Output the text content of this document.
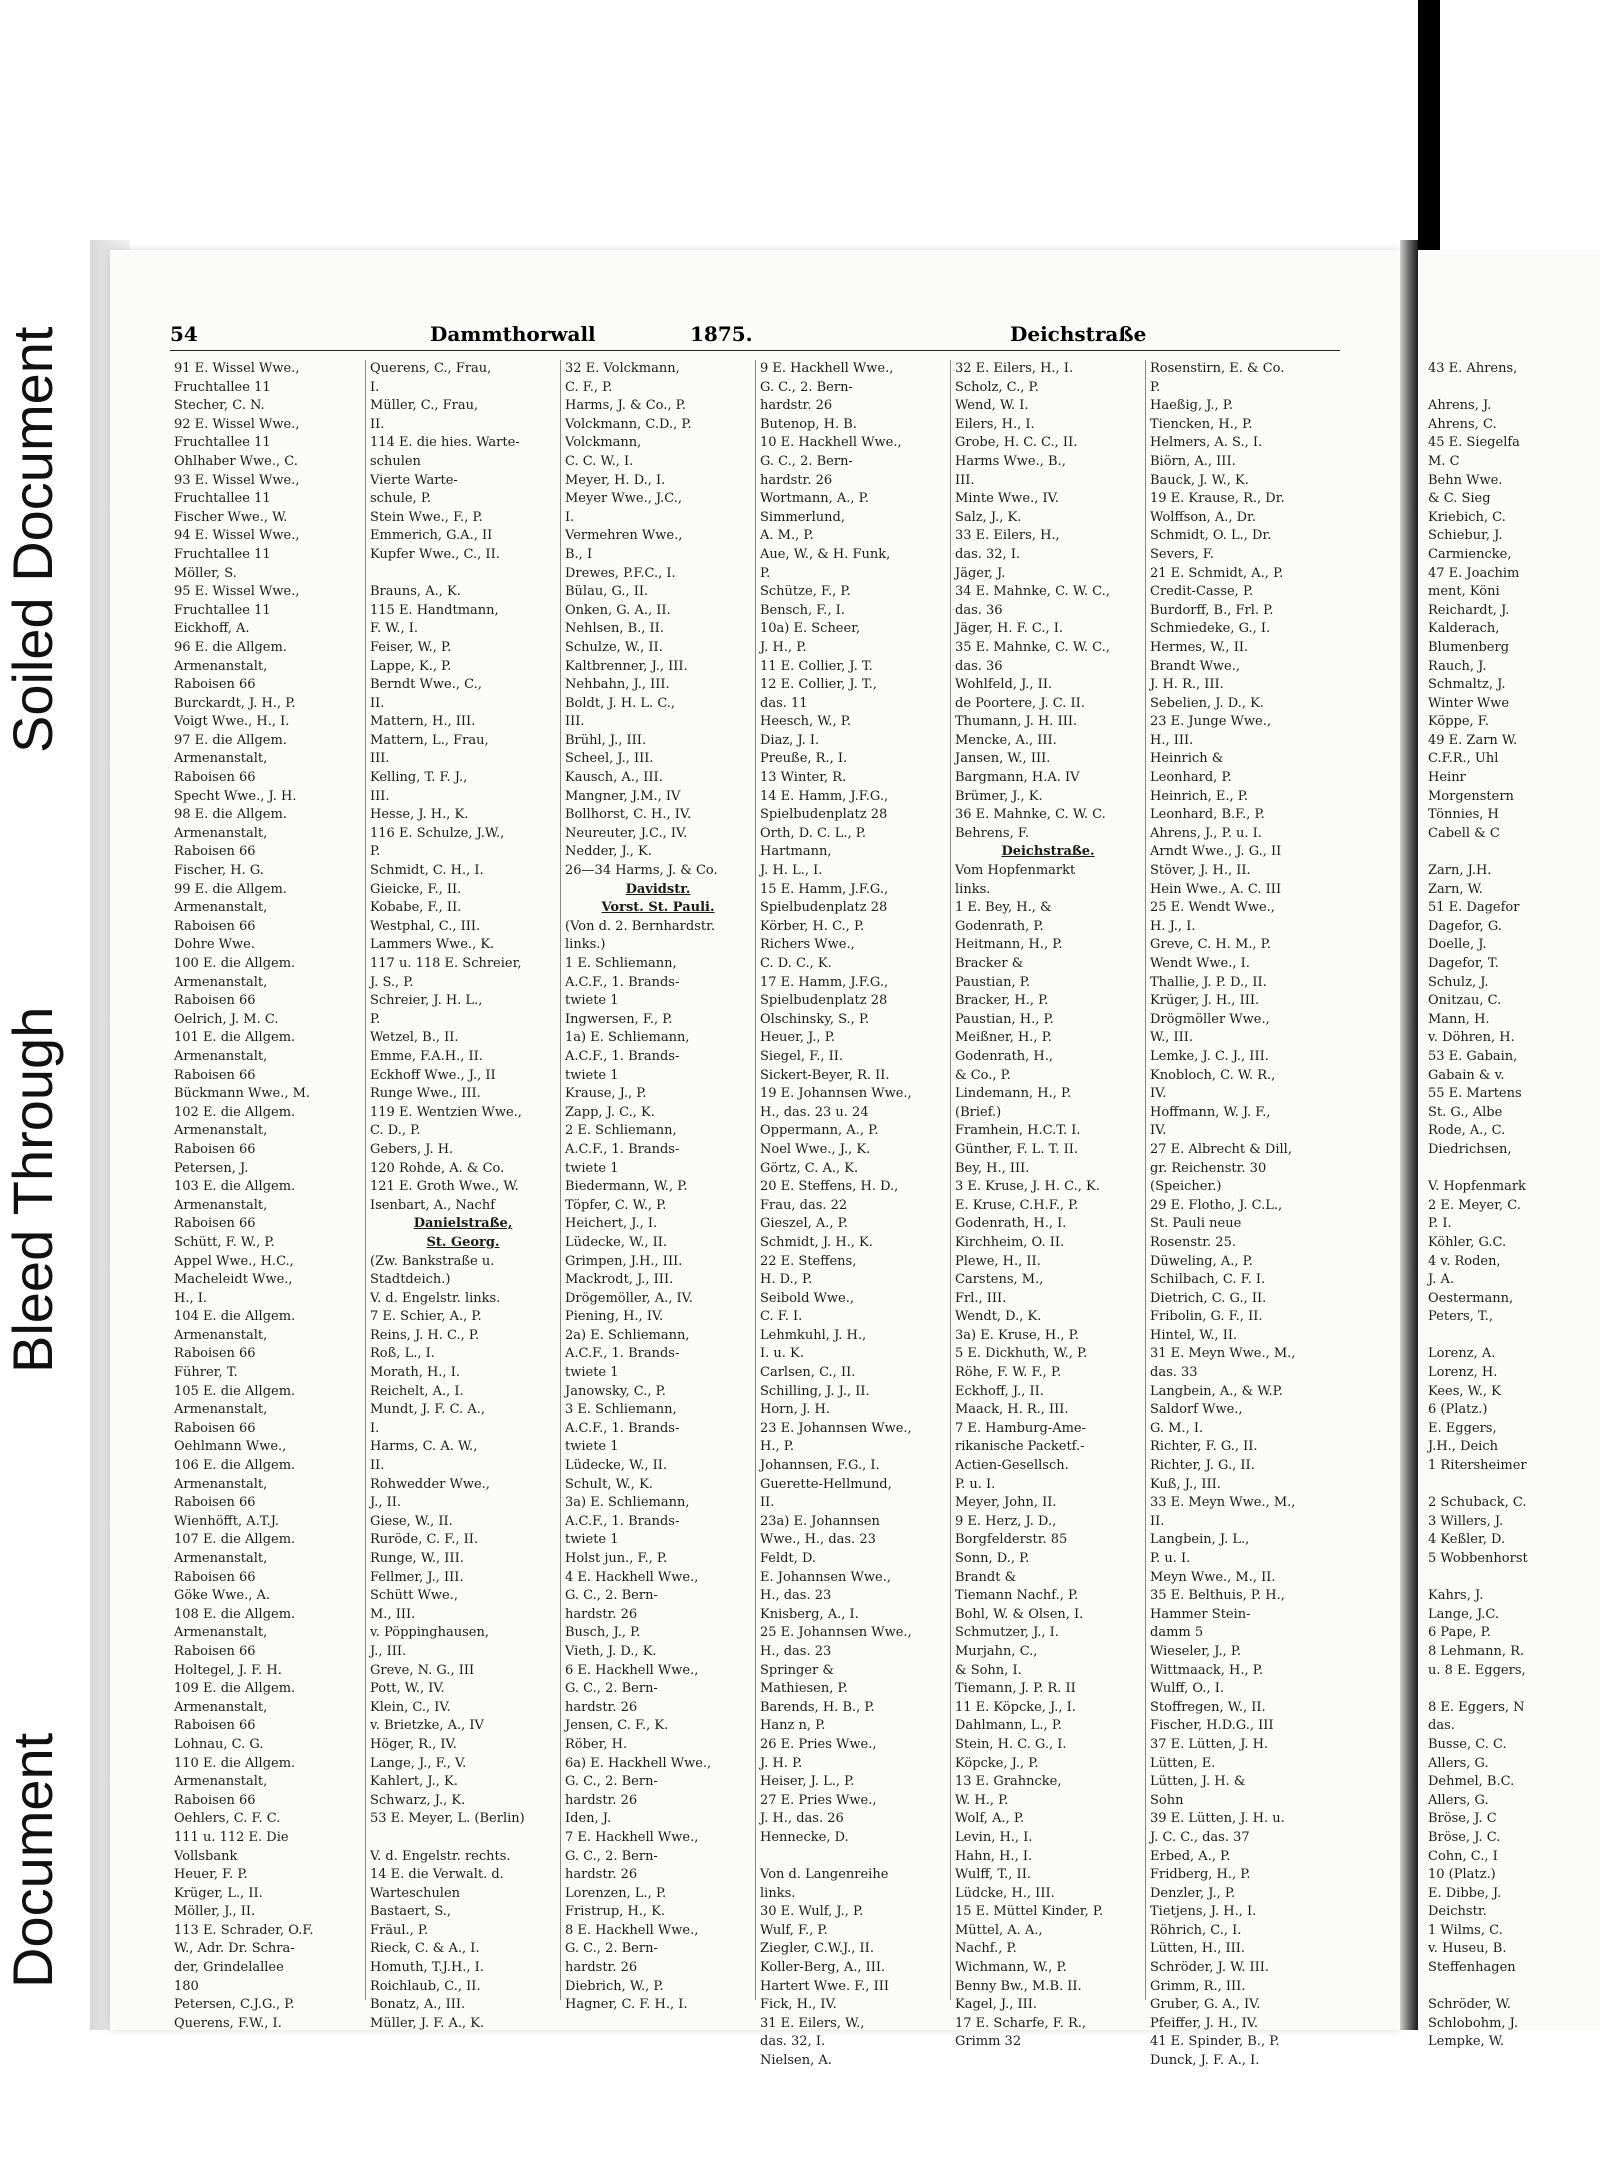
Soiled Document
Bleed Through
Document
54	Dammthorwall	1875.	Deichstraße
91 E. Wissel Wwe.,
Fruchtallee 11
Stecher, C. N.
92 E. Wissel Wwe.,
Fruchtallee 11
Ohlhaber Wwe., C.
93 E. Wissel Wwe.,
Fruchtallee 11
Fischer Wwe., W.
94 E. Wissel Wwe.,
Fruchtallee 11
Möller, S.
95 E. Wissel Wwe.,
Fruchtallee 11
Eickhoff, A.
96 E. die Allgem.
Armenanstalt,
Raboisen 66
Burckardt, J. H., P.
Voigt Wwe., H., I.
97 E. die Allgem.
Armenanstalt,
Raboisen 66
Specht Wwe., J. H.
98 E. die Allgem.
Armenanstalt,
Raboisen 66
Fischer, H. G.
99 E. die Allgem.
Armenanstalt,
Raboisen 66
Dohre Wwe.
100 E. die Allgem.
Armenanstalt,
Raboisen 66
Oelrich, J. M. C.
101 E. die Allgem.
Armenanstalt,
Raboisen 66
Bückmann Wwe., M.
102 E. die Allgem.
Armenanstalt,
Raboisen 66
Petersen, J.
103 E. die Allgem.
Armenanstalt,
Raboisen 66
Schütt, F. W., P.
Appel Wwe., H.C.,
Macheleidt Wwe.,
H., I.
104 E. die Allgem.
Armenanstalt,
Raboisen 66
Führer, T.
105 E. die Allgem.
Armenanstalt,
Raboisen 66
Oehlmann Wwe.,
106 E. die Allgem.
Armenanstalt,
Raboisen 66
Wienhöfft, A.T.J.
107 E. die Allgem.
Armenanstalt,
Raboisen 66
Göke Wwe., A.
108 E. die Allgem.
Armenanstalt,
Raboisen 66
Holtegel, J. F. H.
109 E. die Allgem.
Armenanstalt,
Raboisen 66
Lohnau, C. G.
110 E. die Allgem.
Armenanstalt,
Raboisen 66
Oehlers, C. F. C.
111 u. 112 E. Die
Vollsbank
Heuer, F. P.
Krüger, L., II.
Möller, J., II.
113 E. Schrader, O.F.
W., Adr. Dr. Schra-
der, Grindelallee
180
Petersen, C.J.G., P.
Querens, F.W., I.
Querens, C., Frau,
I.
Müller, C., Frau,
II.
114 E. die hies. Warte-
schulen
Vierte Warte-
schule, P.
Stein Wwe., F., P.
Emmerich, G.A., II
Kupfer Wwe., C., II.
Brauns, A., K.
115 E. Handtmann,
F. W., I.
Feiser, W., P.
Lappe, K., P.
Berndt Wwe., C.,
II.
Mattern, H., III.
Mattern, L., Frau,
III.
Kelling, T. F. J.,
III.
Hesse, J. H., K.
116 E. Schulze, J.W.,
P.
Schmidt, C. H., I.
Gieicke, F., II.
Kobabe, F., II.
Westphal, C., III.
Lammers Wwe., K.
117 u. 118 E. Schreier,
J. S., P.
Schreier, J. H. L.,
P.
Wetzel, B., II.
Emme, F.A.H., II.
Eckhoff Wwe., J., II
Runge Wwe., III.
119 E. Wentzien Wwe.,
C. D., P.
Gebers, J. H.
120 Rohde, A. & Co.
121 E. Groth Wwe., W.
Isenbart, A., Nachf
Danielstraße,
St. Georg.
(Zw. Bankstraße u.
Stadtdeich.)
V. d. Engelstr. links.
7 E. Schier, A., P.
Reins, J. H. C., P.
Roß, L., I.
Morath, H., I.
Reichelt, A., I.
Mundt, J. F. C. A.,
I.
Harms, C. A. W.,
II.
Rohwedder Wwe.,
J., II.
Giese, W., II.
Ruröde, C. F., II.
Runge, W., III.
Fellmer, J., III.
Schütt Wwe.,
M., III.
v. Pöppinghausen,
J., III.
Greve, N. G., III
Pott, W., IV.
Klein, C., IV.
v. Brietzke, A., IV
Höger, R., IV.
Lange, J., F., V.
Kahlert, J., K.
Schwarz, J., K.
53 E. Meyer, L. (Berlin)
V. d. Engelstr. rechts.
14 E. die Verwalt. d.
Warteschulen
Bastaert, S.,
Fräul., P.
Rieck, C. & A., I.
Homuth, T.J.H., I.
Roichlaub, C., II.
Bonatz, A., III.
Müller, J. F. A., K.
32 E. Volckmann,
C. F., P.
Harms, J. & Co., P.
Volckmann, C.D., P.
Volckmann,
C. C. W., I.
Meyer, H. D., I.
Meyer Wwe., J.C.,
I.
Vermehren Wwe.,
B., I
Drewes, P.F.C., I.
Bülau, G., II.
Onken, G. A., II.
Nehlsen, B., II.
Schulze, W., II.
Kaltbrenner, J., III.
Nehbahn, J., III.
Boldt, J. H. L. C.,
III.
Brühl, J., III.
Scheel, J., III.
Kausch, A., III.
Mangner, J.M., IV
Bollhorst, C. H., IV.
Neureuter, J.C., IV.
Nedder, J., K.
26—34 Harms, J. & Co.
Davidstr.
Vorst. St. Pauli.
(Von d. 2. Bernhardstr.
links.)
1 E. Schliemann,
A.C.F., 1. Brands-
twiete 1
Ingwersen, F., P.
1a) E. Schliemann,
A.C.F., 1. Brands-
twiete 1
Krause, J., P.
Zapp, J. C., K.
2 E. Schliemann,
A.C.F., 1. Brands-
twiete 1
Biedermann, W., P.
Töpfer, C. W., P.
Heichert, J., I.
Lüdecke, W., II.
Grimpen, J.H., III.
Mackrodt, J., III.
Drögemöller, A., IV.
Piening, H., IV.
2a) E. Schliemann,
A.C.F., 1. Brands-
twiete 1
Janowsky, C., P.
3 E. Schliemann,
A.C.F., 1. Brands-
twiete 1
Lüdecke, W., II.
Schult, W., K.
3a) E. Schliemann,
A.C.F., 1. Brands-
twiete 1
Holst jun., F., P.
4 E. Hackhell Wwe.,
G. C., 2. Bern-
hardstr. 26
Busch, J., P.
Vieth, J. D., K.
6 E. Hackhell Wwe.,
G. C., 2. Bern-
hardstr. 26
Jensen, C. F., K.
Röber, H.
6a) E. Hackhell Wwe.,
G. C., 2. Bern-
hardstr. 26
Iden, J.
7 E. Hackhell Wwe.,
G. C., 2. Bern-
hardstr. 26
Lorenzen, L., P.
Fristrup, H., K.
8 E. Hackhell Wwe.,
G. C., 2. Bern-
hardstr. 26
Diebrich, W., P.
Hagner, C. F. H., I.
9 E. Hackhell Wwe.,
G. C., 2. Bern-
hardstr. 26
Butenop, H. B.
10 E. Hackhell Wwe.,
G. C., 2. Bern-
hardstr. 26
Wortmann, A., P.
Simmerlund,
A. M., P.
Aue, W., & H. Funk,
P.
Schütze, F., P.
Bensch, F., I.
10a) E. Scheer,
J. H., P.
11 E. Collier, J. T.
12 E. Collier, J. T.,
das. 11
Heesch, W., P.
Diaz, J. I.
Preuße, R., I.
13 Winter, R.
14 E. Hamm, J.F.G.,
Spielbudenplatz 28
Orth, D. C. L., P.
Hartmann,
J. H. L., I.
15 E. Hamm, J.F.G.,
Spielbudenplatz 28
Körber, H. C., P.
Richers Wwe.,
C. D. C., K.
17 E. Hamm, J.F.G.,
Spielbudenplatz 28
Olschinsky, S., P.
Heuer, J., P.
Siegel, F., II.
Sickert-Beyer, R. II.
19 E. Johannsen Wwe.,
H., das. 23 u. 24
Oppermann, A., P.
Noel Wwe., J., K.
Görtz, C. A., K.
20 E. Steffens, H. D.,
Frau, das. 22
Gieszel, A., P.
Schmidt, J. H., K.
22 E. Steffens,
H. D., P.
Seibold Wwe.,
C. F. I.
Lehmkuhl, J. H.,
I. u. K.
Carlsen, C., II.
Schilling, J. J., II.
Horn, J. H.
23 E. Johannsen Wwe.,
H., P.
Johannsen, F.G., I.
Guerette-Hellmund,
II.
23a) E. Johannsen
Wwe., H., das. 23
Feldt, D.
E. Johannsen Wwe.,
H., das. 23
Knisberg, A., I.
25 E. Johannsen Wwe.,
H., das. 23
Springer &
Mathiesen, P.
Barends, H. B., P.
Hanz n, P.
26 E. Pries Wwe.,
J. H. P.
Heiser, J. L., P.
27 E. Pries Wwe.,
J. H., das. 26
Hennecke, D.
Von d. Langenreihe
links.
30 E. Wulf, J., P.
Wulf, F., P.
Ziegler, C.W.J., II.
Koller-Berg, A., III.
Hartert Wwe. F., III
Fick, H., IV.
31 E. Eilers, W.,
das. 32, I.
Nielsen, A.
32 E. Eilers, H., I.
Scholz, C., P.
Wend, W. I.
Eilers, H., I.
Grobe, H. C. C., II.
Harms Wwe., B.,
III.
Minte Wwe., IV.
Salz, J., K.
33 E. Eilers, H.,
das. 32, I.
Jäger, J.
34 E. Mahnke, C. W. C.,
das. 36
Jäger, H. F. C., I.
35 E. Mahnke, C. W. C.,
das. 36
Wohlfeld, J., II.
de Poortere, J. C. II.
Thumann, J. H. III.
Mencke, A., III.
Jansen, W., III.
Bargmann, H.A. IV
Brümer, J., K.
36 E. Mahnke, C. W. C.
Behrens, F.
Deichstraße.
Vom Hopfenmarkt
links.
1 E. Bey, H., &
Godenrath, P.
Heitmann, H., P.
Bracker &
Paustian, P.
Bracker, H., P.
Paustian, H., P.
Meißner, H., P.
Godenrath, H.,
& Co., P.
Lindemann, H., P.
(Brief.)
Framhein, H.C.T. I.
Günther, F. L. T. II.
Bey, H., III.
3 E. Kruse, J. H. C., K.
E. Kruse, C.H.F., P.
Godenrath, H., I.
Kirchheim, O. II.
Plewe, H., II.
Carstens, M.,
Frl., III.
Wendt, D., K.
3a) E. Kruse, H., P.
5 E. Dickhuth, W., P.
Röhe, F. W. F., P.
Eckhoff, J., II.
Maack, H. R., III.
7 E. Hamburg-Ame-
rikanische Packetf.-
Actien-Gesellsch.
P. u. I.
Meyer, John, II.
9 E. Herz, J. D.,
Borgfelderstr. 85
Sonn, D., P.
Brandt &
Tiemann Nachf., P.
Bohl, W. & Olsen, I.
Schmutzer, J., I.
Murjahn, C.,
& Sohn, I.
Tiemann, J. P. R. II
11 E. Köpcke, J., I.
Dahlmann, L., P.
Stein, H. C. G., I.
Köpcke, J., P.
13 E. Grahncke,
W. H., P.
Wolf, A., P.
Levin, H., I.
Hahn, H., I.
Wulff, T., II.
Lüdcke, H., III.
15 E. Müttel Kinder, P.
Müttel, A. A.,
Nachf., P.
Wichmann, W., P.
Benny Bw., M.B. II.
Kagel, J., III.
17 E. Scharfe, F. R.,
Grimm 32
Rosenstirn, E. & Co.
P.
Haeßig, J., P.
Tiencken, H., P.
Helmers, A. S., I.
Biörn, A., III.
Bauck, J. W., K.
19 E. Krause, R., Dr.
Wolffson, A., Dr.
Schmidt, O. L., Dr.
Severs, F.
21 E. Schmidt, A., P.
Credit-Casse, P.
Burdorff, B., Frl. P.
Schmiedeke, G., I.
Hermes, W., II.
Brandt Wwe.,
J. H. R., III.
Sebelien, J. D., K.
23 E. Junge Wwe.,
H., III.
Heinrich &
Leonhard, P.
Heinrich, E., P.
Leonhard, B.F., P.
Ahrens, J., P. u. I.
Arndt Wwe., J. G., II
Stöver, J. H., II.
Hein Wwe., A. C. III
25 E. Wendt Wwe.,
H. J., I.
Greve, C. H. M., P.
Wendt Wwe., I.
Thallie, J. P. D., II.
Krüger, J. H., III.
Drögmöller Wwe.,
W., III.
Lemke, J. C. J., III.
Knobloch, C. W. R.,
IV.
Hoffmann, W. J. F.,
IV.
27 E. Albrecht & Dill,
gr. Reichenstr. 30
(Speicher.)
29 E. Flotho, J. C.L.,
St. Pauli neue
Rosenstr. 25.
Düweling, A., P.
Schilbach, C. F. I.
Dietrich, C. G., II.
Fribolin, G. F., II.
Hintel, W., II.
31 E. Meyn Wwe., M.,
das. 33
Langbein, A., & W.P.
Saldorf Wwe.,
G. M., I.
Richter, F. G., II.
Richter, J. G., II.
Kuß, J., III.
33 E. Meyn Wwe., M.,
II.
Langbein, J. L.,
P. u. I.
Meyn Wwe., M., II.
35 E. Belthuis, P. H.,
Hammer Stein-
damm 5
Wieseler, J., P.
Wittmaack, H., P.
Wulff, O., I.
Stoffregen, W., II.
Fischer, H.D.G., III
37 E. Lütten, J. H.
Lütten, E.
Lütten, J. H. &
Sohn
39 E. Lütten, J. H. u.
J. C. C., das. 37
Erbed, A., P.
Fridberg, H., P.
Denzler, J., P.
Tietjens, J. H., I.
Röhrich, C., I.
Lütten, H., III.
Schröder, J. W. III.
Grimm, R., III.
Gruber, G. A., IV.
Pfeiffer, J. H., IV.
41 E. Spinder, B., P.
Dunck, J. F. A., I.
43 E. Ahrens,
Ahrens, J.
Ahrens, C.
45 E. Siegelfa
M. C
Behn Wwe.
& C. Sieg
Kriebich, C.
Schiebur, J.
Carmiencke,
47 E. Joachim
ment, Köni
Reichardt, J.
Kalderach,
Blumenberg
Rauch, J.
Schmaltz, J.
Winter Wwe
Köppe, F.
49 E. Zarn W.
C.F.R., Uhl
Heinr
Morgenstern
Tönnies, H
Cabell & C
Zarn, J.H.
Zarn, W.
51 E. Dagefor
Dagefor, G.
Doelle, J.
Dagefor, T.
Schulz, J.
Onitzau, C.
Mann, H.
v. Döhren, H.
53 E. Gabain,
Gabain & v.
55 E. Martens
St. G., Albe
Rode, A., C.
Diedrichsen,
V. Hopfenmark
2 E. Meyer, C.
P. I.
Köhler, G.C.
4 v. Roden,
J. A.
Oestermann,
Peters, T.,
Lorenz, A.
Lorenz, H.
Kees, W., K
6 (Platz.)
E. Eggers,
J.H., Deich
1 Ritersheimer
2 Schuback, C.
3 Willers, J.
4 Keßler, D.
5 Wobbenhorst
Kahrs, J.
Lange, J.C.
6 Pape, P.
8 Lehmann, R.
u. 8 E. Eggers,
8 E. Eggers, N
das.
Busse, C. C.
Allers, G.
Dehmel, B.C.
Allers, G.
Bröse, J. C
Bröse, J. C.
Cohn, C., I
10 (Platz.)
E. Dibbe, J.
Deichstr.
1 Wilms, C.
v. Huseu, B.
Steffenhagen
Schröder, W.
Schlobohm, J.
Lempke, W.
